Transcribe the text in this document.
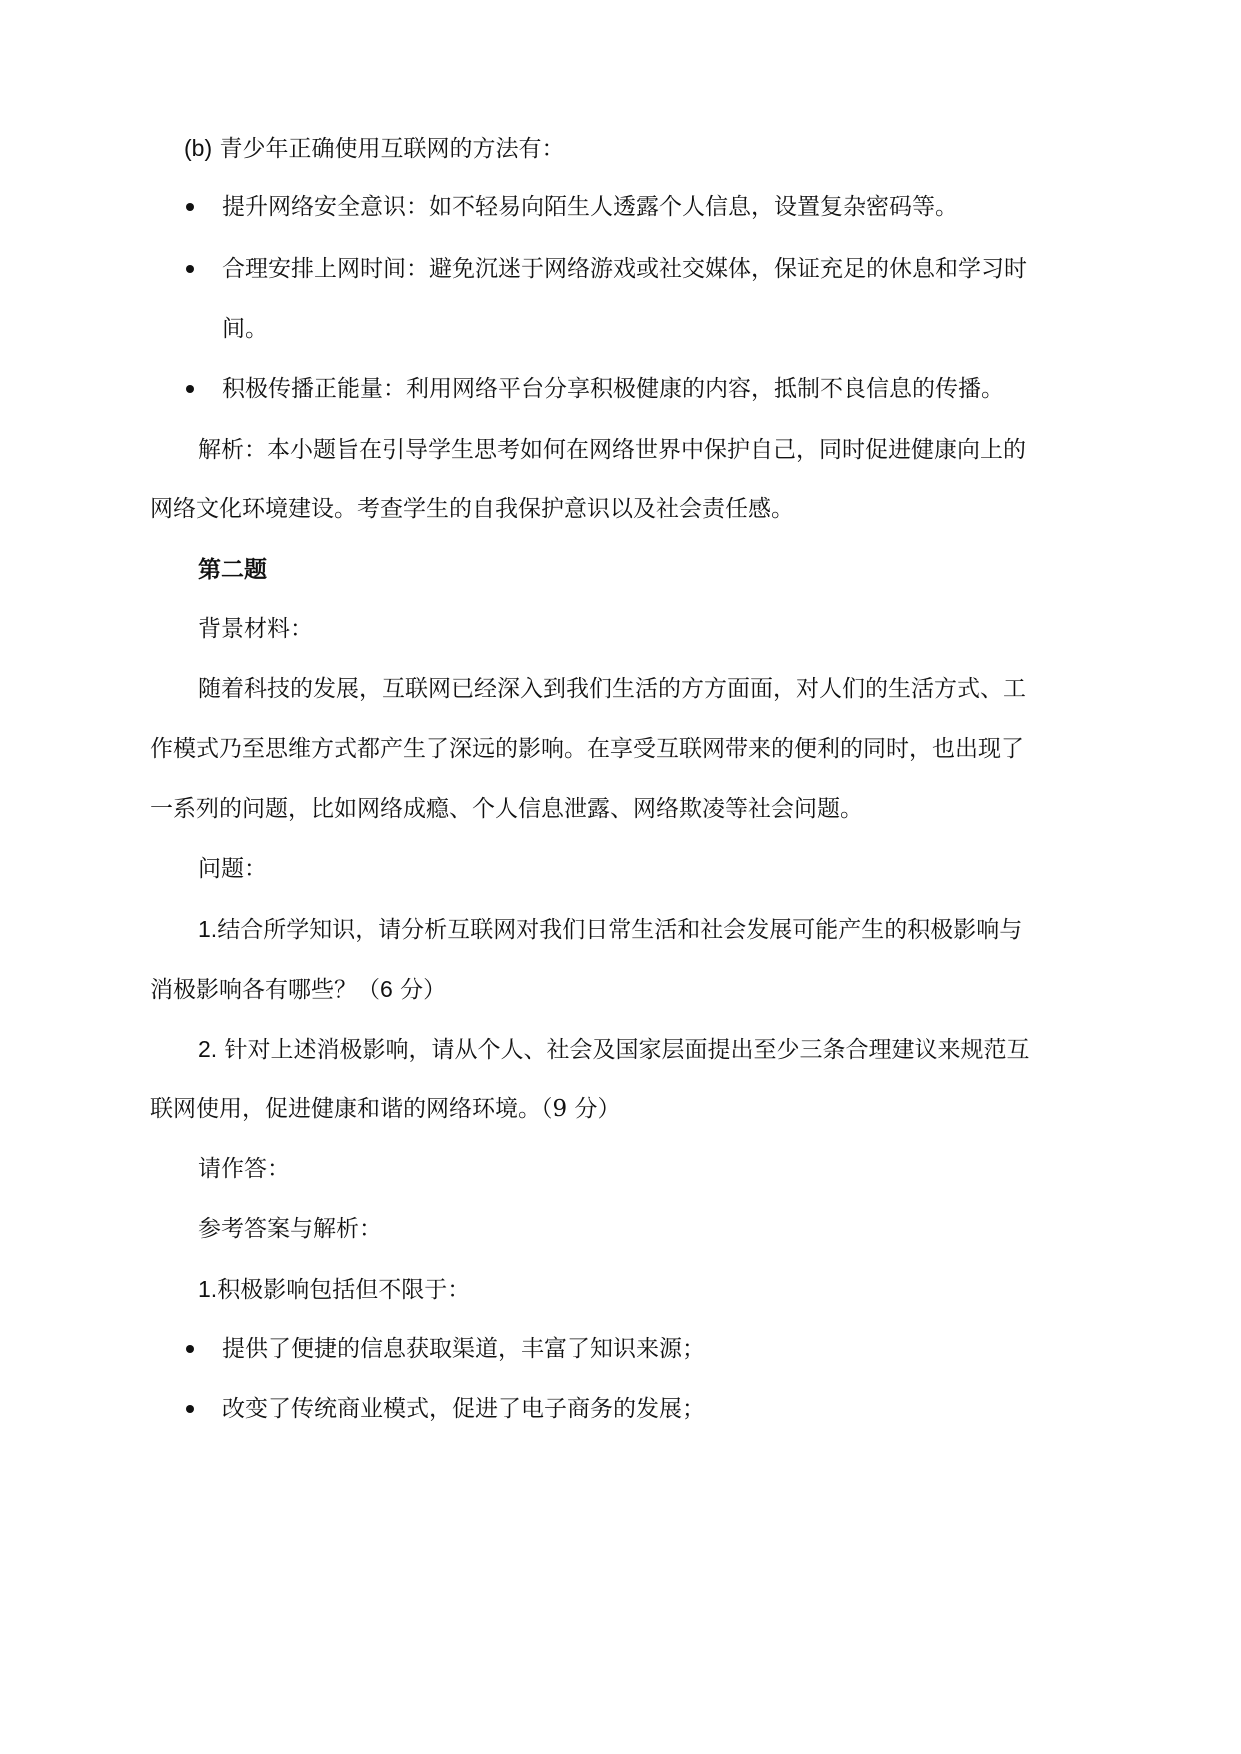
(b) 青少年正确使用互联网的方法有：
提升网络安全意识：如不轻易向陌生人透露个人信息，设置复杂密码等。
合理安排上网时间：避免沉迷于网络游戏或社交媒体，保证充足的休息和学习时
间。
积极传播正能量：利用网络平台分享积极健康的内容，抵制不良信息的传播。
解析：本小题旨在引导学生思考如何在网络世界中保护自己，同时促进健康向上的
网络文化环境建设。考查学生的自我保护意识以及社会责任感。
第二题
背景材料：
随着科技的发展，互联网已经深入到我们生活的方方面面，对人们的生活方式、工
作模式乃至思维方式都产生了深远的影响。在享受互联网带来的便利的同时，也出现了
一系列的问题，比如网络成瘾、个人信息泄露、网络欺凌等社会问题。
问题：
1.结合所学知识，请分析互联网对我们日常生活和社会发展可能产生的积极影响与
消极影响各有哪些？（6 分）
2. 针对上述消极影响，请从个人、社会及国家层面提出至少三条合理建议来规范互
联网使用，促进健康和谐的网络环境。（9 分）
请作答：
参考答案与解析：
1.积极影响包括但不限于：
提供了便捷的信息获取渠道，丰富了知识来源；
改变了传统商业模式，促进了电子商务的发展；
